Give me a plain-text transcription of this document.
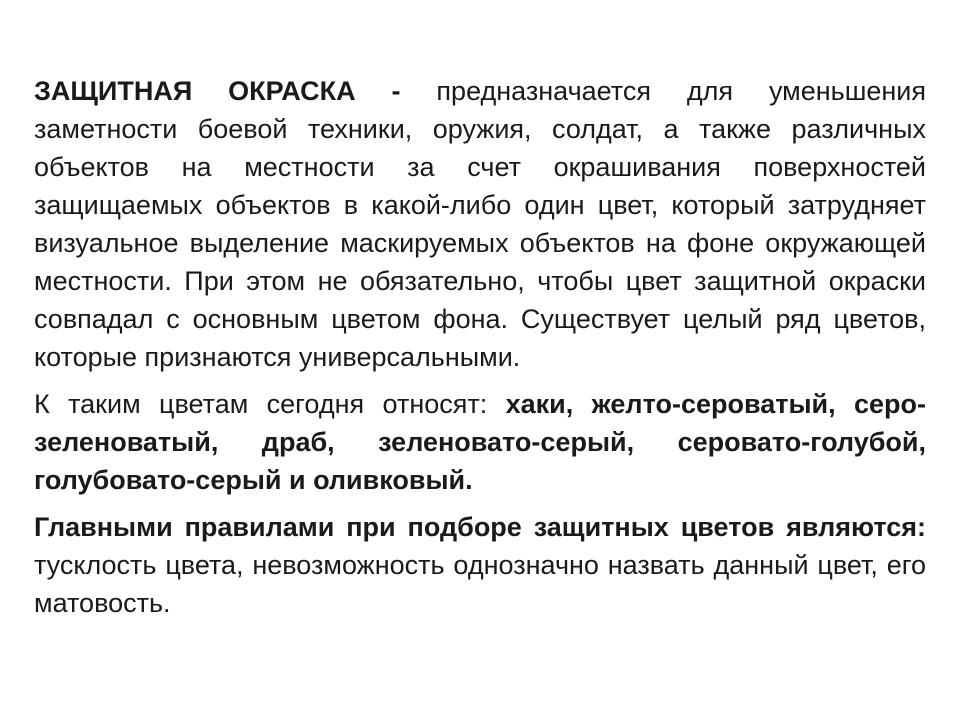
ЗАЩИТНАЯ ОКРАСКА - предназначается для уменьшения заметности боевой техники, оружия, солдат, а также различных объектов на местности за счет окрашивания поверхностей защищаемых объектов в какой-либо один цвет, который затрудняет визуальное выделение маскируемых объектов на фоне окружающей местности. При этом не обязательно, чтобы цвет защитной окраски совпадал с основным цветом фона. Существует целый ряд цветов, которые признаются универсальными.

К таким цветам сегодня относят: хаки, желто-сероватый, серо-зеленоватый, драб, зеленовато-серый, серовато-голубой, голубовато-серый и оливковый.

Главными правилами при подборе защитных цветов являются: тусклость цвета, невозможность однозначно назвать данный цвет, его матовость.
